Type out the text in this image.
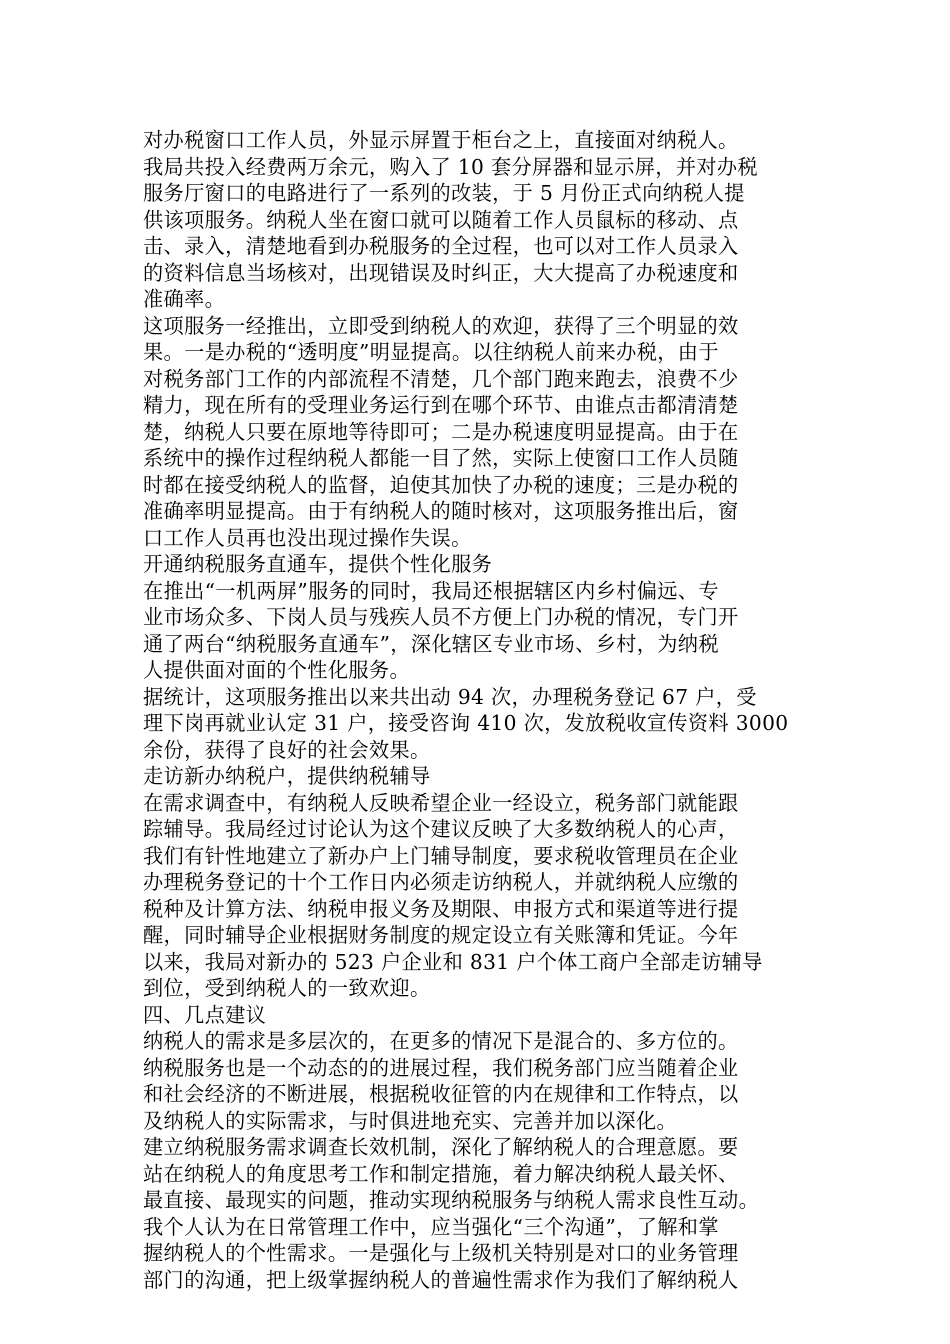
对办税窗口工作人员，外显示屏置于柜台之上，直接面对纳税人。
我局共投入经费两万余元，购入了 10 套分屏器和显示屏，并对办税
服务厅窗口的电路进行了一系列的改装，于 5 月份正式向纳税人提
供该项服务。纳税人坐在窗口就可以随着工作人员鼠标的移动、点
击、录入，清楚地看到办税服务的全过程，也可以对工作人员录入
的资料信息当场核对，出现错误及时纠正，大大提高了办税速度和
准确率。
这项服务一经推出，立即受到纳税人的欢迎，获得了三个明显的效
果。一是办税的“透明度”明显提高。以往纳税人前来办税，由于
对税务部门工作的内部流程不清楚，几个部门跑来跑去，浪费不少
精力，现在所有的受理业务运行到在哪个环节、由谁点击都清清楚
楚，纳税人只要在原地等待即可；二是办税速度明显提高。由于在
系统中的操作过程纳税人都能一目了然，实际上使窗口工作人员随
时都在接受纳税人的监督，迫使其加快了办税的速度；三是办税的
准确率明显提高。由于有纳税人的随时核对，这项服务推出后，窗
口工作人员再也没出现过操作失误。
开通纳税服务直通车，提供个性化服务
在推出“一机两屏”服务的同时，我局还根据辖区内乡村偏远、专
业市场众多、下岗人员与残疾人员不方便上门办税的情况，专门开
通了两台“纳税服务直通车”，深化辖区专业市场、乡村，为纳税
人提供面对面的个性化服务。
据统计，这项服务推出以来共出动 94 次，办理税务登记 67 户，受
理下岗再就业认定 31 户，接受咨询 410 次，发放税收宣传资料 3000
余份，获得了良好的社会效果。
走访新办纳税户，提供纳税辅导
在需求调查中，有纳税人反映希望企业一经设立，税务部门就能跟
踪辅导。我局经过讨论认为这个建议反映了大多数纳税人的心声，
我们有针性地建立了新办户上门辅导制度，要求税收管理员在企业
办理税务登记的十个工作日内必须走访纳税人，并就纳税人应缴的
税种及计算方法、纳税申报义务及期限、申报方式和渠道等进行提
醒，同时辅导企业根据财务制度的规定设立有关账簿和凭证。今年
以来，我局对新办的 523 户企业和 831 户个体工商户全部走访辅导
到位，受到纳税人的一致欢迎。
四、几点建议
纳税人的需求是多层次的，在更多的情况下是混合的、多方位的。
纳税服务也是一个动态的的进展过程，我们税务部门应当随着企业
和社会经济的不断进展，根据税收征管的内在规律和工作特点，以
及纳税人的实际需求，与时俱进地充实、完善并加以深化。
建立纳税服务需求调查长效机制，深化了解纳税人的合理意愿。要
站在纳税人的角度思考工作和制定措施，着力解决纳税人最关怀、
最直接、最现实的问题，推动实现纳税服务与纳税人需求良性互动。
我个人认为在日常管理工作中，应当强化“三个沟通”，了解和掌
握纳税人的个性需求。一是强化与上级机关特别是对口的业务管理
部门的沟通，把上级掌握纳税人的普遍性需求作为我们了解纳税人
